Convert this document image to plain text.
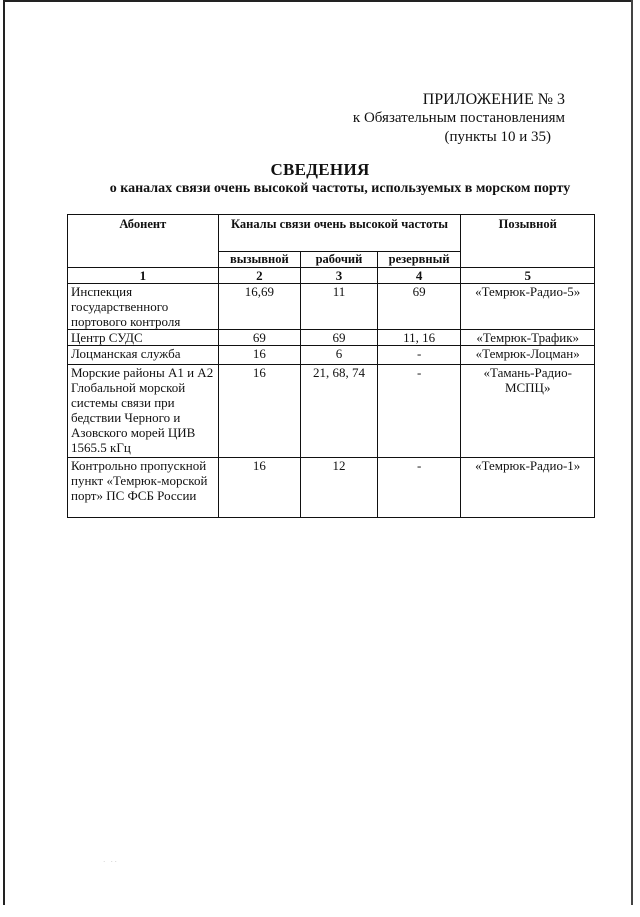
ПРИЛОЖЕНИЕ № 3
к Обязательным постановлениям
(пункты 10 и 35)
СВЕДЕНИЯ
о каналах связи очень высокой частоты, используемых в морском порту
Абонент	Каналы связи очень высокой частоты			Позывной
	вызывной	рабочий	резервный	
1	2	3	4	5
Инспекция государственного портового контроля	16,69	11	69	«Темрюк-Радио-5»
Центр СУДС	69	69	11, 16	«Темрюк-Трафик»
Лоцманская служба	16	6	-	«Темрюк-Лоцман»
Морские районы А1 и А2 Глобальной морской системы связи при бедствии Черного и Азовского морей ЦИВ 1565.5 кГц	16	21, 68, 74	-	«Тамань-Радио-МСПЦ»
Контрольно пропускной пункт «Темрюк-морской порт» ПС ФСБ России	16	12	-	«Темрюк-Радио-1»
·   · ·
